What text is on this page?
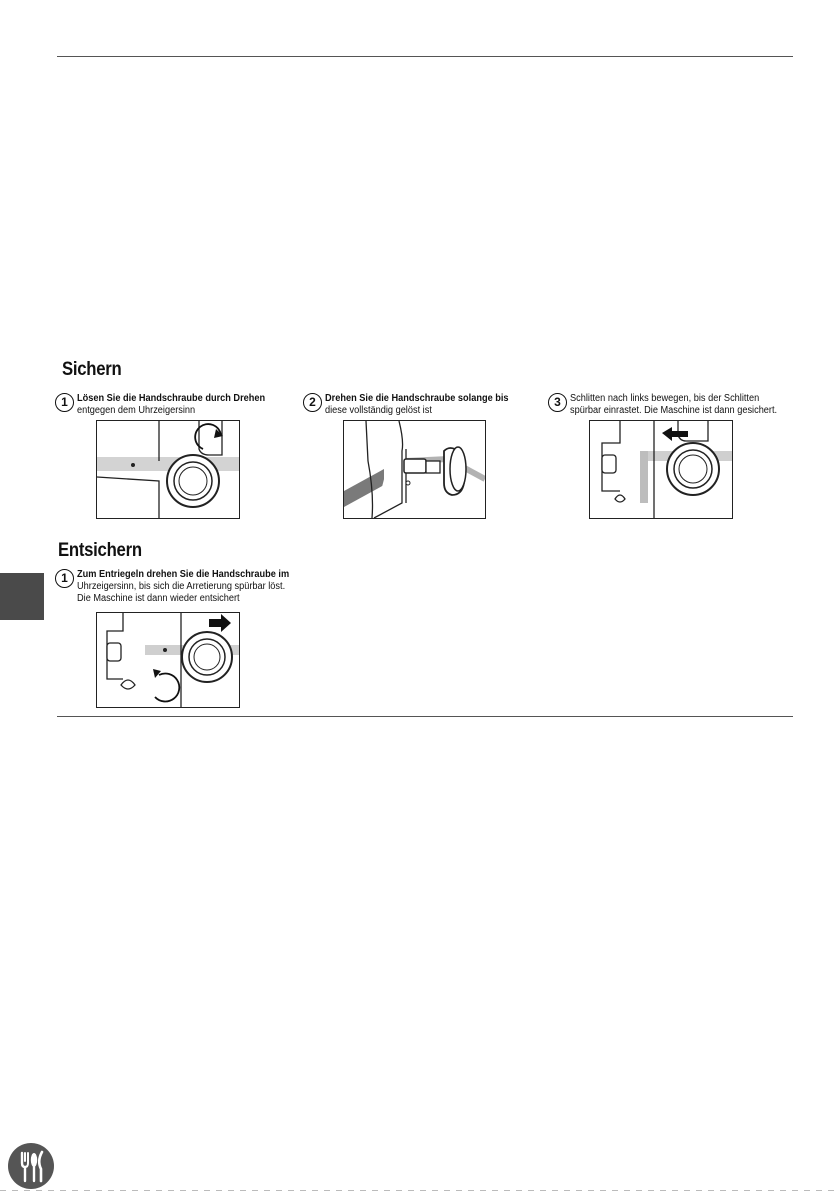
Sichern
1 Lösen Sie die Handschraube durch Drehen
entgegen dem Uhrzeigersinn
2 Drehen Sie die Handschraube solange bis
diese vollständig gelöst ist
3 Schlitten nach links bewegen, bis der Schlitten
spürbar einrastet. Die Maschine ist dann gesichert.
Entsichern
1 Zum Entriegeln drehen Sie die Handschraube im
Uhrzeigersinn, bis sich die Arretierung spürbar löst.
Die Maschine ist dann wieder entsichert
